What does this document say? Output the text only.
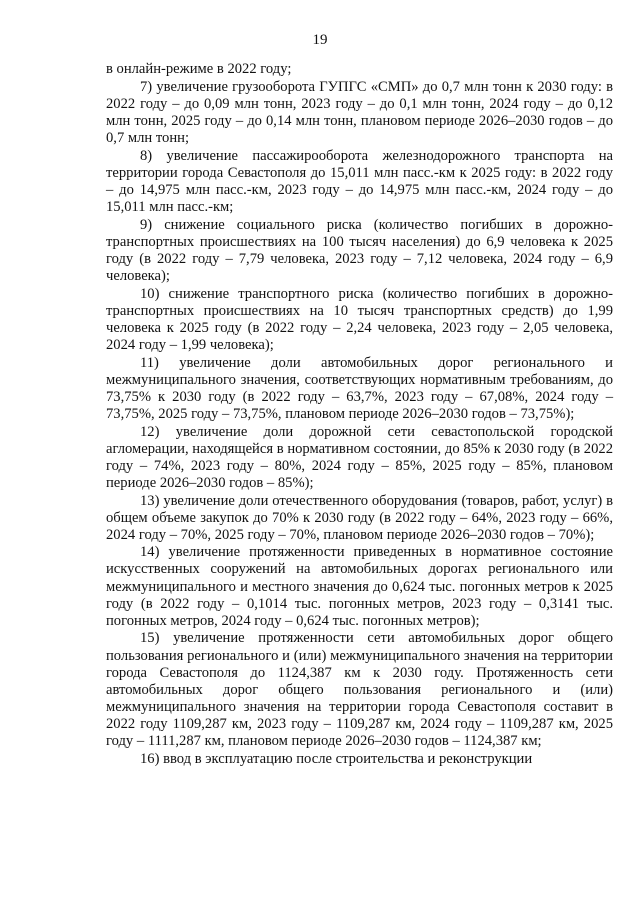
19

в онлайн-режиме в 2022 году;

7) увеличение грузооборота ГУПГС «СМП» до 0,7 млн тонн к 2030 году: в 2022 году – до 0,09 млн тонн, 2023 году – до 0,1 млн тонн, 2024 году – до 0,12 млн тонн, 2025 году – до 0,14 млн тонн, плановом периоде 2026–2030 годов – до 0,7 млн тонн;

8) увеличение пассажирооборота железнодорожного транспорта на территории города Севастополя до 15,011 млн пасс.-км к 2025 году: в 2022 году – до 14,975 млн пасс.-км, 2023 году – до 14,975 млн пасс.-км, 2024 году – до 15,011 млн пасс.-км;

9) снижение социального риска (количество погибших в дорожно-транспортных происшествиях на 100 тысяч населения) до 6,9 человека к 2025 году (в 2022 году – 7,79 человека, 2023 году – 7,12 человека, 2024 году – 6,9 человека);

10) снижение транспортного риска (количество погибших в дорожно-транспортных происшествиях на 10 тысяч транспортных средств) до 1,99 человека к 2025 году (в 2022 году – 2,24 человека, 2023 году – 2,05 человека, 2024 году – 1,99 человека);

11) увеличение доли автомобильных дорог регионального и межмуниципального значения, соответствующих нормативным требованиям, до 73,75% к 2030 году (в 2022 году – 63,7%, 2023 году – 67,08%, 2024 году – 73,75%, 2025 году – 73,75%, плановом периоде 2026–2030 годов – 73,75%);

12) увеличение доли дорожной сети севастопольской городской агломерации, находящейся в нормативном состоянии, до 85% к 2030 году (в 2022 году – 74%, 2023 году – 80%, 2024 году – 85%, 2025 году – 85%, плановом периоде 2026–2030 годов – 85%);

13) увеличение доли отечественного оборудования (товаров, работ, услуг) в общем объеме закупок до 70% к 2030 году (в 2022 году – 64%, 2023 году – 66%, 2024 году – 70%, 2025 году – 70%, плановом периоде 2026–2030 годов – 70%);

14) увеличение протяженности приведенных в нормативное состояние искусственных сооружений на автомобильных дорогах регионального или межмуниципального и местного значения до 0,624 тыс. погонных метров к 2025 году (в 2022 году – 0,1014 тыс. погонных метров, 2023 году – 0,3141 тыс. погонных метров, 2024 году – 0,624 тыс. погонных метров);

15) увеличение протяженности сети автомобильных дорог общего пользования регионального и (или) межмуниципального значения на территории города Севастополя до 1124,387 км к 2030 году. Протяженность сети автомобильных дорог общего пользования регионального и (или) межмуниципального значения на территории города Севастополя составит в 2022 году 1109,287 км, 2023 году – 1109,287 км, 2024 году – 1109,287 км, 2025 году – 1111,287 км, плановом периоде 2026–2030 годов – 1124,387 км;

16) ввод в эксплуатацию после строительства и реконструкции
